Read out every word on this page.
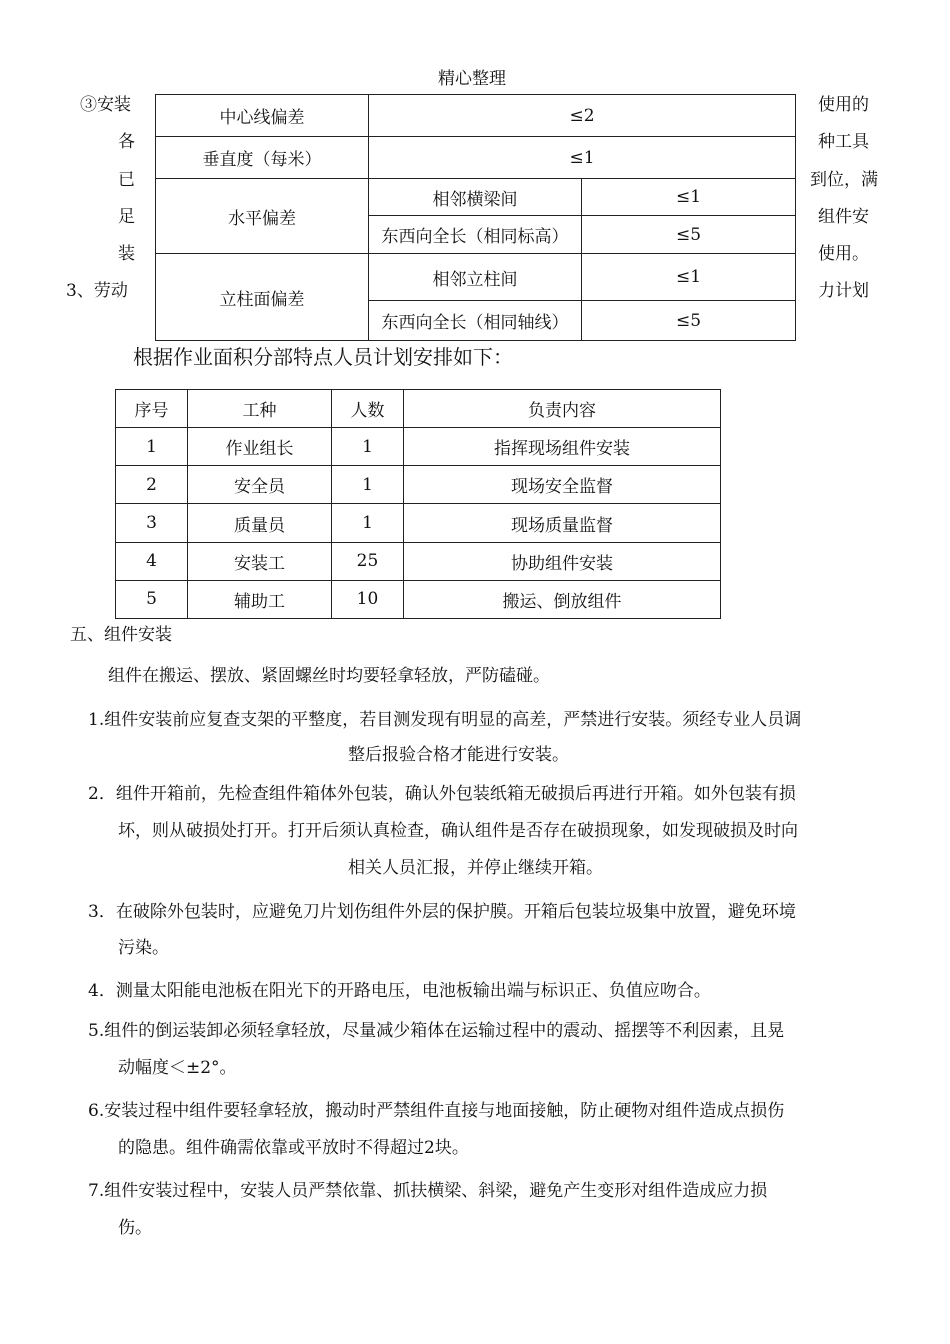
精心整理
③安装
各
已
足
装
3、劳动
使用的
种工具
到位，满
组件安
使用。
力计划
中心线偏差	≤2	
垂直度（每米）	≤1	
水平偏差	相邻横梁间	≤1
	东西向全长（相同标高）	≤5
立柱面偏差	相邻立柱间	≤1
	东西向全长（相同轴线）	≤5
根据作业面积分部特点人员计划安排如下：
序号	工种	人数	负责内容
1	作业组长	1	指挥现场组件安装
2	安全员	1	现场安全监督
3	质量员	1	现场质量监督
4	安装工	25	协助组件安装
5	辅助工	10	搬运、倒放组件
五、组件安装
组件在搬运、摆放、紧固螺丝时均要轻拿轻放，严防磕碰。
1.组件安装前应复查支架的平整度，若目测发现有明显的高差，严禁进行安装。须经专业人员调
整后报验合格才能进行安装。
2．组件开箱前，先检查组件箱体外包装，确认外包装纸箱无破损后再进行开箱。如外包装有损
坏，则从破损处打开。打开后须认真检查，确认组件是否存在破损现象，如发现破损及时向
相关人员汇报，并停止继续开箱。
3．在破除外包装时，应避免刀片划伤组件外层的保护膜。开箱后包装垃圾集中放置，避免环境
污染。
4．测量太阳能电池板在阳光下的开路电压，电池板输出端与标识正、负值应吻合。
5.组件的倒运装卸必须轻拿轻放，尽量减少箱体在运输过程中的震动、摇摆等不利因素，且晃
动幅度＜±2°。
6.安装过程中组件要轻拿轻放，搬动时严禁组件直接与地面接触，防止硬物对组件造成点损伤
的隐患。组件确需依靠或平放时不得超过2块。
7.组件安装过程中，安装人员严禁依靠、抓扶横梁、斜梁，避免产生变形对组件造成应力损
伤。
